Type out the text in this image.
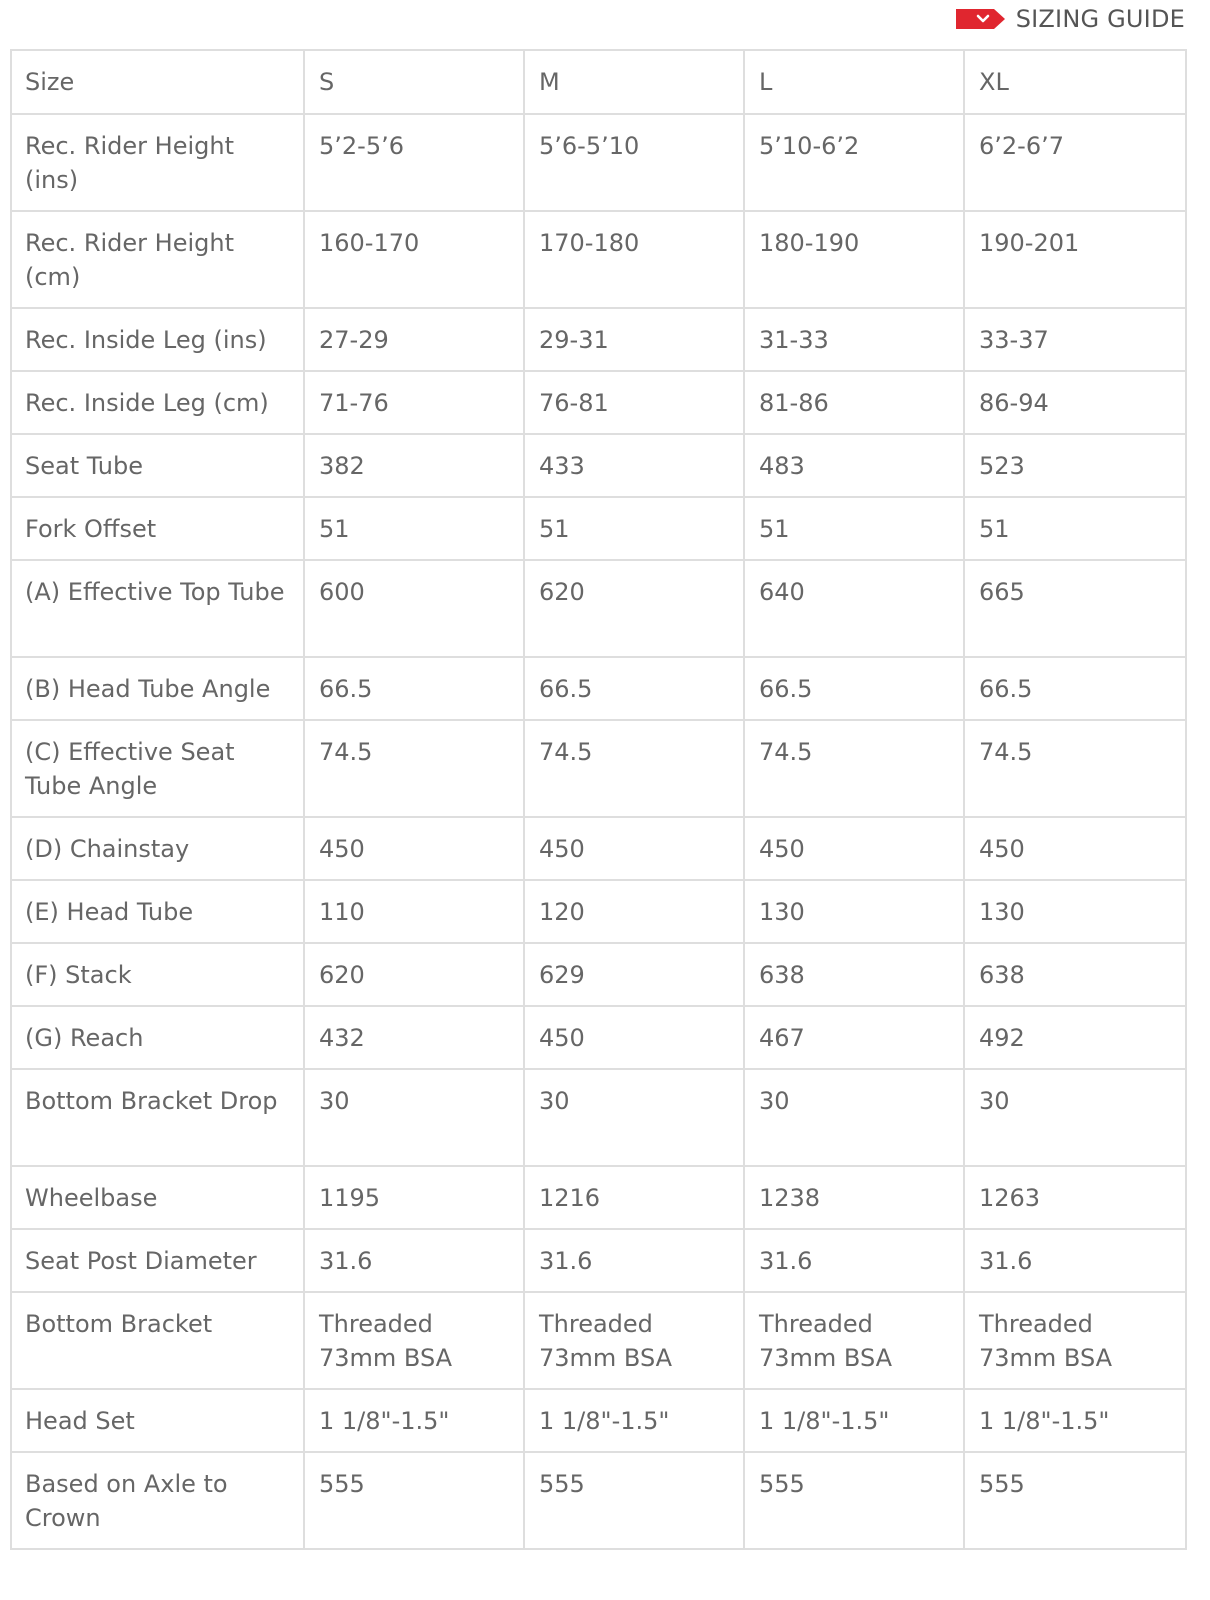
SIZING GUIDE
Size	S	M	L	XL
Rec. Rider Height (ins)	5’2-5’6	5’6-5’10	5’10-6’2	6’2-6’7
Rec. Rider Height (cm)	160-170	170-180	180-190	190-201
Rec. Inside Leg (ins)	27-29	29-31	31-33	33-37
Rec. Inside Leg (cm)	71-76	76-81	81-86	86-94
Seat Tube	382	433	483	523
Fork Offset	51	51	51	51
(A) Effective Top Tube	600	620	640	665
(B) Head Tube Angle	66.5	66.5	66.5	66.5
(C) Effective Seat Tube Angle	74.5	74.5	74.5	74.5
(D) Chainstay	450	450	450	450
(E) Head Tube	110	120	130	130
(F) Stack	620	629	638	638
(G) Reach	432	450	467	492
Bottom Bracket Drop	30	30	30	30
Wheelbase	1195	1216	1238	1263
Seat Post Diameter	31.6	31.6	31.6	31.6
Bottom Bracket	Threaded 73mm BSA	Threaded 73mm BSA	Threaded 73mm BSA	Threaded 73mm BSA
Head Set	1 1/8"-1.5"	1 1/8"-1.5"	1 1/8"-1.5"	1 1/8"-1.5"
Based on Axle to Crown	555	555	555	555
